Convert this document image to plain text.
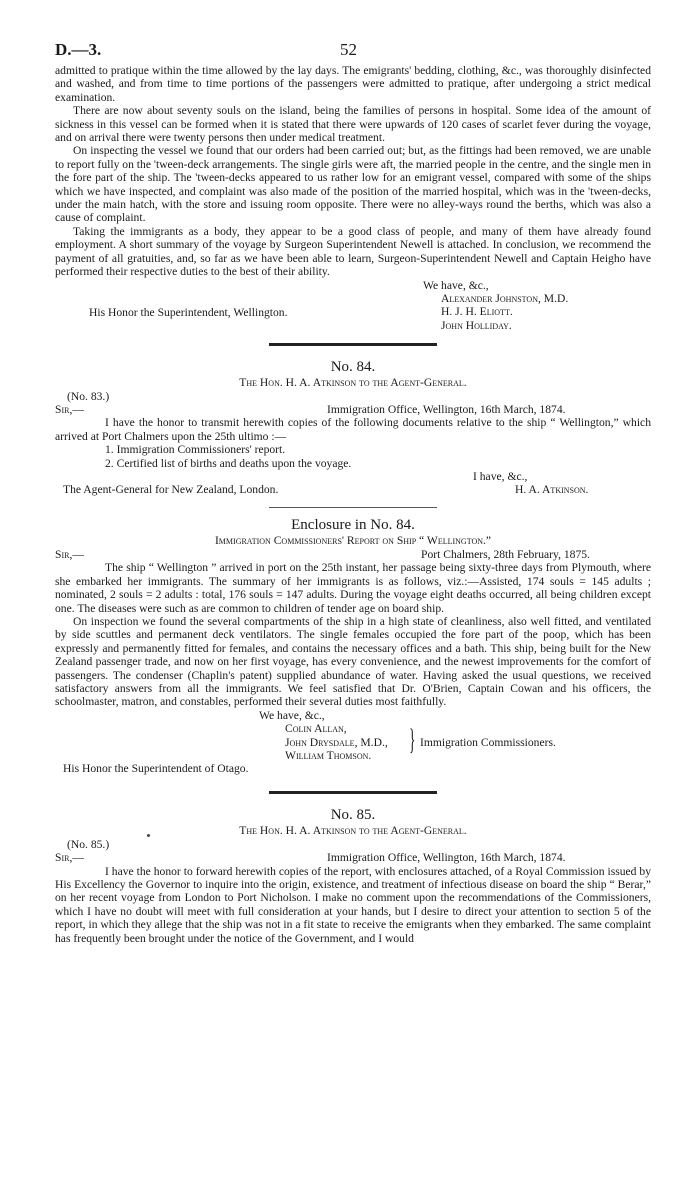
D.—3.	52

admitted to pratique within the time allowed by the lay days. The emigrants' bedding, clothing, &c., was thoroughly disinfected and washed, and from time to time portions of the passengers were admitted to pratique, after undergoing a strict medical examination.

There are now about seventy souls on the island, being the families of persons in hospital. Some idea of the amount of sickness in this vessel can be formed when it is stated that there were upwards of 120 cases of scarlet fever during the voyage, and on arrival there were twenty persons then under medical treatment.

On inspecting the vessel we found that our orders had been carried out; but, as the fittings had been removed, we are unable to report fully on the 'tween-deck arrangements. The single girls were aft, the married people in the centre, and the single men in the fore part of the ship. The 'tween-decks appeared to us rather low for an emigrant vessel, compared with some of the ships which we have inspected, and complaint was also made of the position of the married hospital, which was in the 'tween-decks, under the main hatch, with the store and issuing room opposite. There were no alley-ways round the berths, which was also a cause of complaint.

Taking the immigrants as a body, they appear to be a good class of people, and many of them have already found employment. A short summary of the voyage by Surgeon Superintendent Newell is attached. In conclusion, we recommend the payment of all gratuities, and, so far as we have been able to learn, Surgeon-Superintendent Newell and Captain Heigho have performed their respective duties to the best of their ability.

We have, &c.,
Alexander Johnston, M.D.
H. J. H. Eliott.
John Holliday.
His Honor the Superintendent, Wellington.

No. 84.

The Hon. H. A. Atkinson to the Agent-General.

(No. 83.)
Sir,—	Immigration Office, Wellington, 16th March, 1874.

I have the honor to transmit herewith copies of the following documents relative to the ship “ Wellington,” which arrived at Port Chalmers upon the 25th ultimo :—

1. Immigration Commissioners' report.
2. Certified list of births and deaths upon the voyage.
I have, &c.,
H. A. Atkinson.
The Agent-General for New Zealand, London.

Enclosure in No. 84.

Immigration Commissioners' Report on Ship “ Wellington.”

Sir,—	Port Chalmers, 28th February, 1875.

The ship “ Wellington ” arrived in port on the 25th instant, her passage being sixty-three days from Plymouth, where she embarked her immigrants. The summary of her immigrants is as follows, viz.:—Assisted, 174 souls = 145 adults ; nominated, 2 souls = 2 adults : total, 176 souls = 147 adults. During the voyage eight deaths occurred, all being children except one. The diseases were such as are common to children of tender age on board ship.

On inspection we found the several compartments of the ship in a high state of cleanliness, also well fitted, and ventilated by side scuttles and permanent deck ventilators. The single females occupied the fore part of the poop, which has been expressly and permanently fitted for females, and contains the necessary offices and a bath. This ship, being built for the New Zealand passenger trade, and now on her first voyage, has every convenience, and the newest improvements for the comfort of passengers. The condenser (Chaplin's patent) supplied abundance of water. Having asked the usual questions, we received satisfactory answers from all the immigrants. We feel satisfied that Dr. O'Brien, Captain Cowan and his officers, the schoolmaster, matron, and constables, performed their several duties most faithfully.

We have, &c.,
Colin Allan,
John Drysdale, M.D.,
William Thomson.	} Immigration Commissioners.
His Honor the Superintendent of Otago.

No. 85.

The Hon. H. A. Atkinson to the Agent-General.

(No. 85.)
Sir,—	Immigration Office, Wellington, 16th March, 1874.

I have the honor to forward herewith copies of the report, with enclosures attached, of a Royal Commission issued by His Excellency the Governor to inquire into the origin, existence, and treatment of infectious disease on board the ship “ Berar,” on her recent voyage from London to Port Nicholson. I make no comment upon the recommendations of the Commissioners, which I have no doubt will meet with full consideration at your hands, but I desire to direct your attention to section 5 of the report, in which they allege that the ship was not in a fit state to receive the emigrants when they embarked. The same complaint has frequently been brought under the notice of the Government, and I would
